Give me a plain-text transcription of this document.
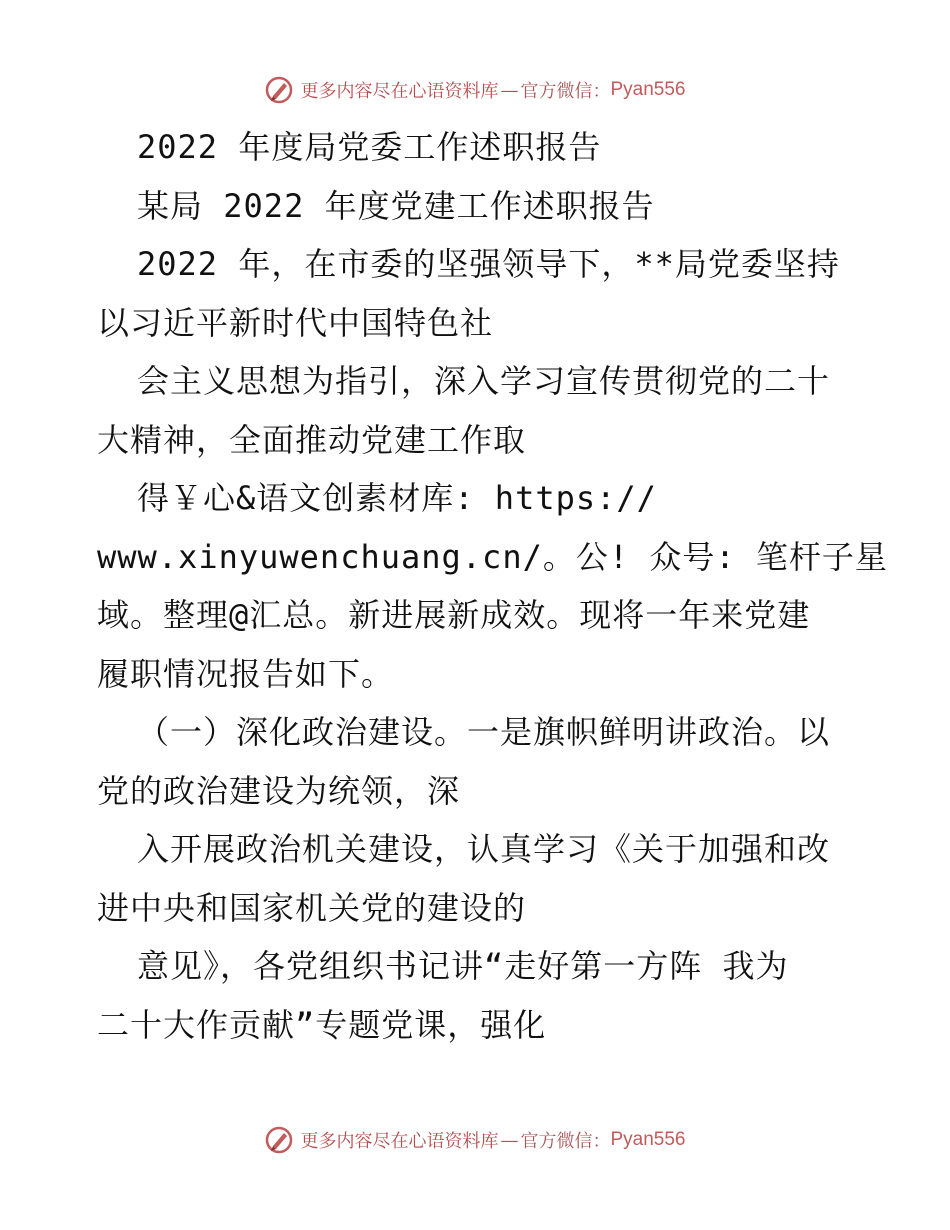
更多内容尽在心语资料库 — 官方微信： Pyan556
2022 年度局党委工作述职报告
某局 2022 年度党建工作述职报告
2022 年，在市委的坚强领导下，**局党委坚持
以习近平新时代中国特色社
会主义思想为指引，深入学习宣传贯彻党的二十
大精神，全面推动党建工作取
得￥心&语文创素材库: https://
www.xinyuwenchuang.cn/。公! 众号: 笔杆子星
域。整理@汇总。新进展新成效。现将一年来党建
履职情况报告如下。
（一）深化政治建设。一是旗帜鲜明讲政治。以
党的政治建设为统领，深
入开展政治机关建设，认真学习《关于加强和改
进中央和国家机关党的建设的
意见》，各党组织书记讲“走好第一方阵 我为
二十大作贡献”专题党课，强化
更多内容尽在心语资料库 — 官方微信： Pyan556
